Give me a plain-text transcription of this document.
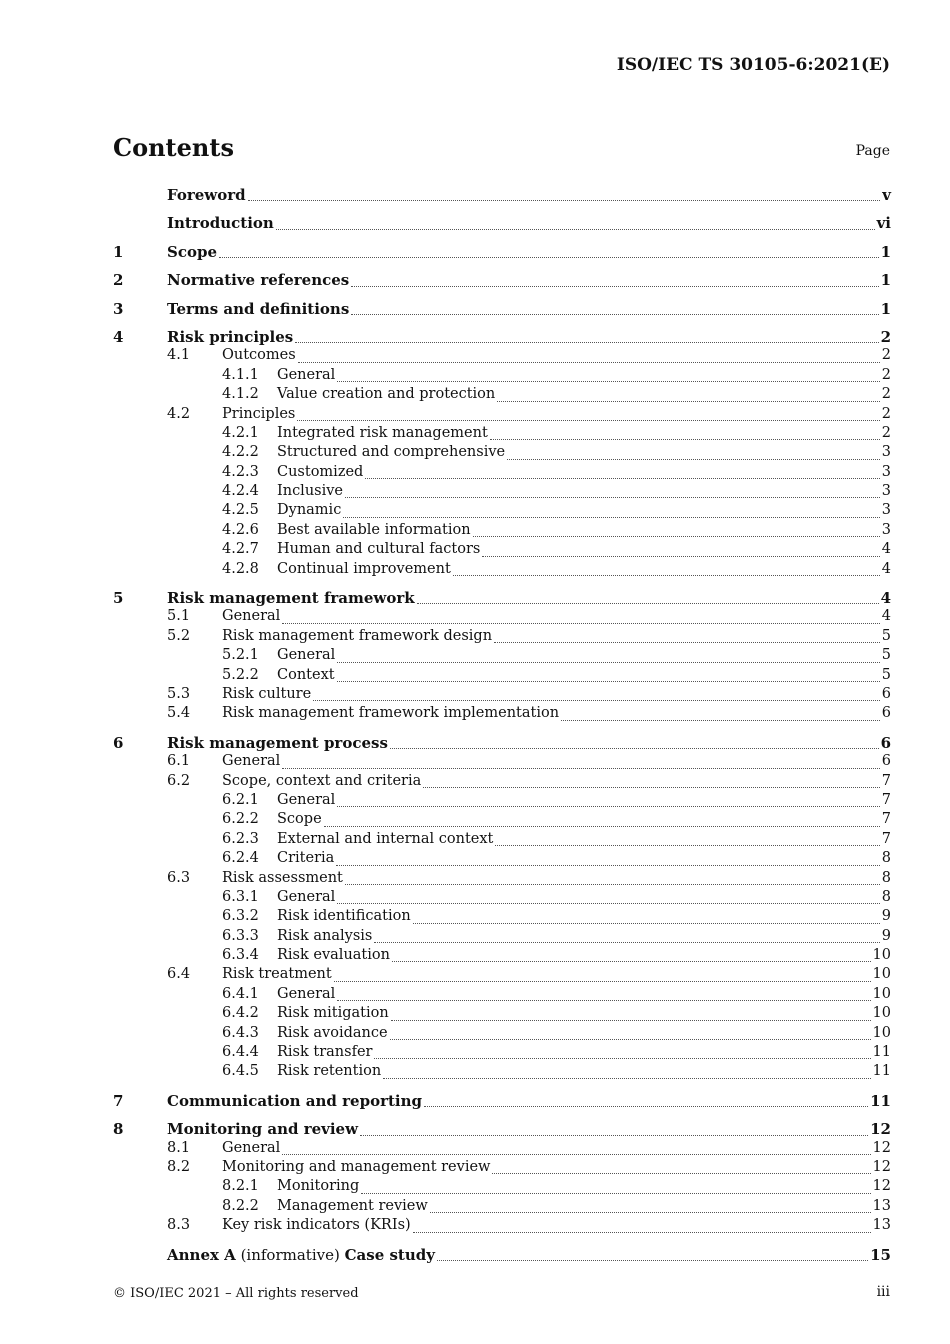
ISO/IEC TS 30105-6:2021(E)
Contents	Page
Foreword	v
Introduction	vi
1	Scope	1
2	Normative references	1
3	Terms and definitions	1
4	Risk principles	2
4.1	Outcomes	2
4.1.1	General	2
4.1.2	Value creation and protection	2
4.2	Principles	2
4.2.1	Integrated risk management	2
4.2.2	Structured and comprehensive	3
4.2.3	Customized	3
4.2.4	Inclusive	3
4.2.5	Dynamic	3
4.2.6	Best available information	3
4.2.7	Human and cultural factors	4
4.2.8	Continual improvement	4
5	Risk management framework	4
5.1	General	4
5.2	Risk management framework design	5
5.2.1	General	5
5.2.2	Context	5
5.3	Risk culture	6
5.4	Risk management framework implementation	6
6	Risk management process	6
6.1	General	6
6.2	Scope, context and criteria	7
6.2.1	General	7
6.2.2	Scope	7
6.2.3	External and internal context	7
6.2.4	Criteria	8
6.3	Risk assessment	8
6.3.1	General	8
6.3.2	Risk identification	9
6.3.3	Risk analysis	9
6.3.4	Risk evaluation	10
6.4	Risk treatment	10
6.4.1	General	10
6.4.2	Risk mitigation	10
6.4.3	Risk avoidance	10
6.4.4	Risk transfer	11
6.4.5	Risk retention	11
7	Communication and reporting	11
8	Monitoring and review	12
8.1	General	12
8.2	Monitoring and management review	12
8.2.1	Monitoring	12
8.2.2	Management review	13
8.3	Key risk indicators (KRIs)	13
Annex A (informative) Case study	15
© ISO/IEC 2021 – All rights reserved	iii
